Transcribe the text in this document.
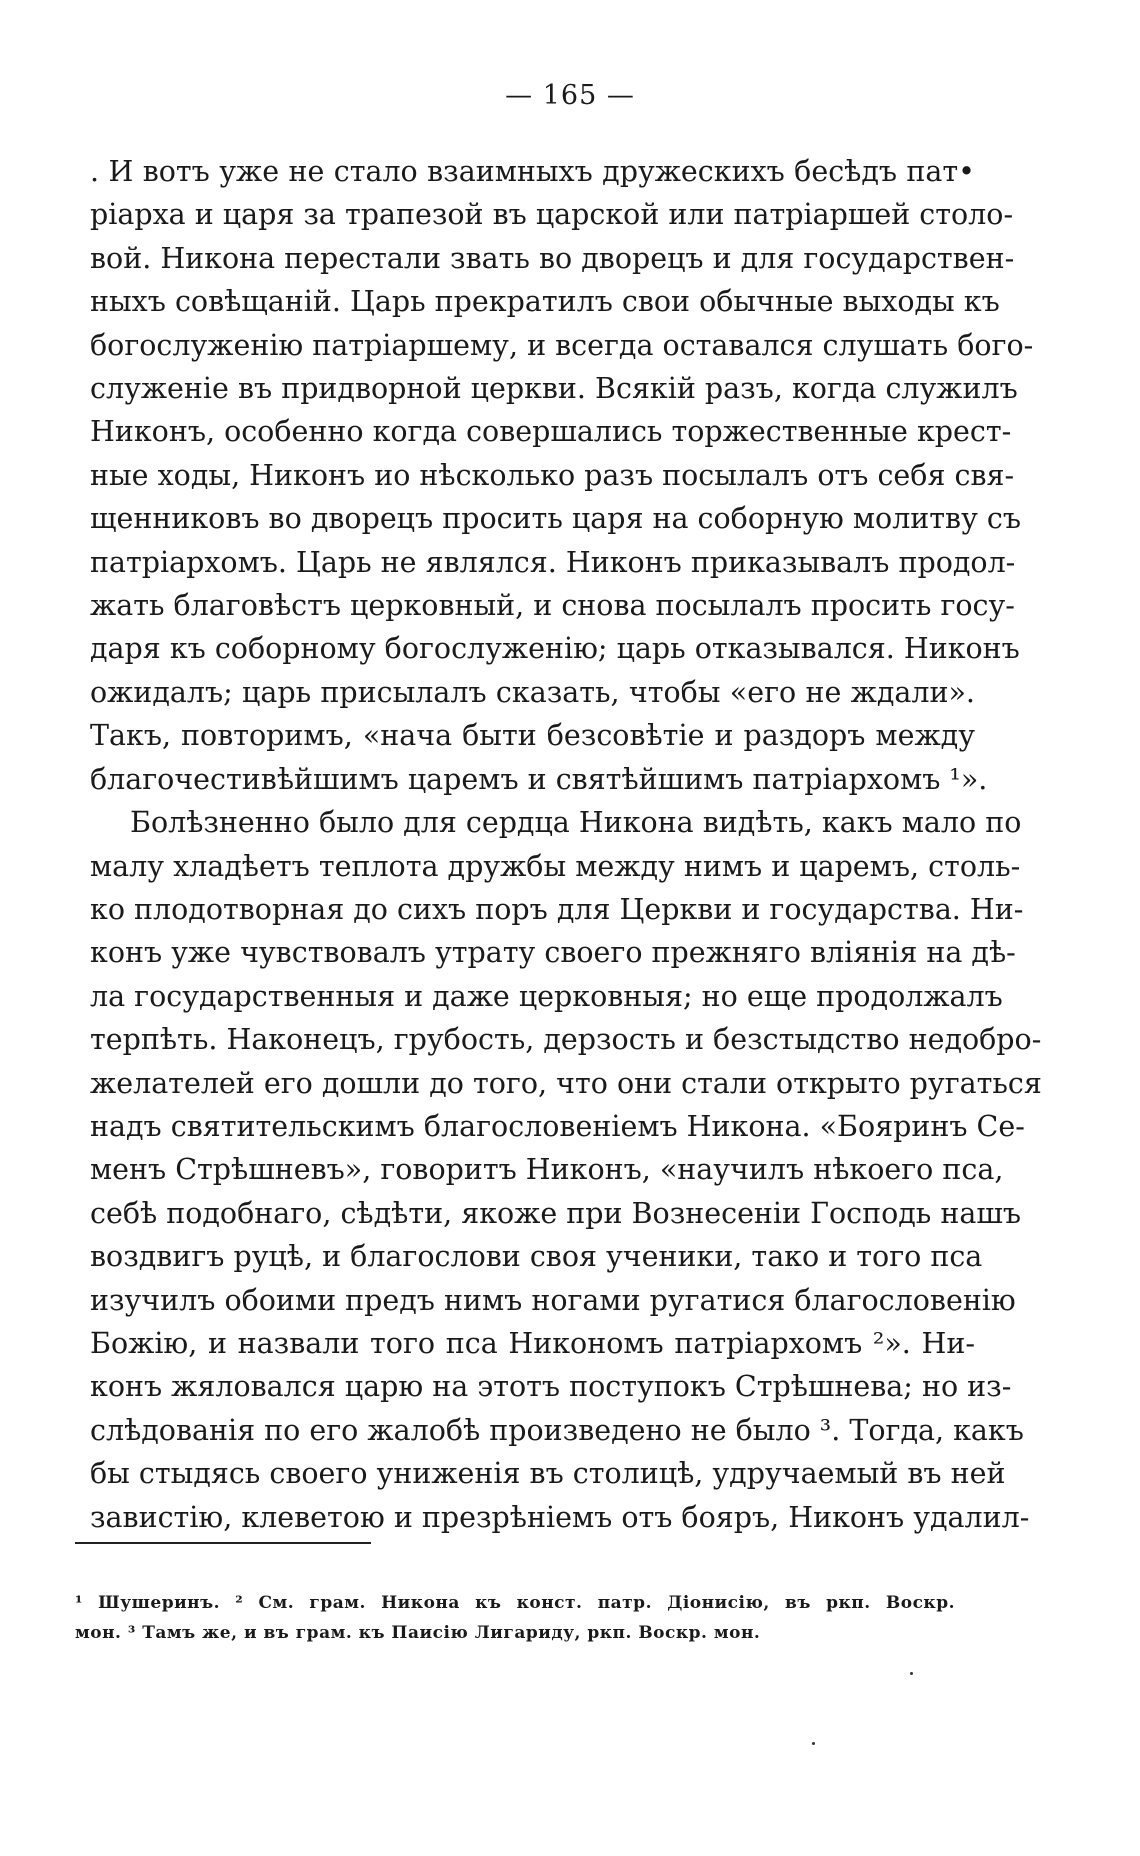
— 165 —
. И вотъ уже не стало взаимныхъ дружескихъ бесѣдъ пат•
ріарха и царя за трапезой въ царской или патріаршей столо-
вой. Никона перестали звать во дворецъ и для государствен-
ныхъ совѣщаній. Царь прекратилъ свои обычные выходы къ
богослуженію патріаршему, и всегда оставался слушать бого-
служеніе въ придворной церкви. Всякій разъ, когда служилъ
Никонъ, особенно когда совершались торжественные крест-
ные ходы, Никонъ ио нѣсколько разъ посылалъ отъ себя свя-
щенниковъ во дворецъ просить царя на соборную молитву съ
патріархомъ. Царь не являлся. Никонъ приказывалъ продол-
жать благовѣстъ церковный, и снова посылалъ просить госу-
даря къ соборному богослуженію; царь отказывался. Никонъ
ожидалъ; царь присылалъ сказать, чтобы «его не ждали».
Такъ, повторимъ, «нача быти безсовѣтіе и раздоръ между
благочестивѣйшимъ царемъ и святѣйшимъ патріархомъ ¹».
Болѣзненно было для сердца Никона видѣть, какъ мало по
малу хладѣетъ теплота дружбы между нимъ и царемъ, столь-
ко плодотворная до сихъ поръ для Церкви и государства. Ни-
конъ уже чувствовалъ утрату своего прежняго вліянія на дѣ-
ла государственныя и даже церковныя; но еще продолжалъ
терпѣть. Наконецъ, грубость, дерзость и безстыдство недобро-
желателей его дошли до того, что они стали открыто ругаться
надъ святительскимъ благословеніемъ Никона. «Бояринъ Се-
менъ Стрѣшневъ», говоритъ Никонъ, «научилъ нѣкоего пса,
себѣ подобнаго, сѣдѣти, якоже при Вознесеніи Господь нашъ
воздвигъ руцѣ, и благослови своя ученики, тако и того пса
изучилъ обоими предъ нимъ ногами ругатися благословенію
Божію, и назвали того пса Никономъ патріархомъ ²». Ни-
конъ жяловался царю на этотъ поступокъ Стрѣшнева; но из-
слѣдованія по его жалобѣ произведено не было ³. Тогда, какъ
бы стыдясь своего униженія въ столицѣ, удручаемый въ ней
завистію, клеветою и презрѣніемъ отъ бояръ, Никонъ удалил-
¹ Шушеринъ. ² См. грам. Никона къ конст. патр. Діонисію, въ ркп. Воскр.
мон. ³ Тамъ же, и въ грам. къ Паисію Лигариду, ркп. Воскр. мон.
